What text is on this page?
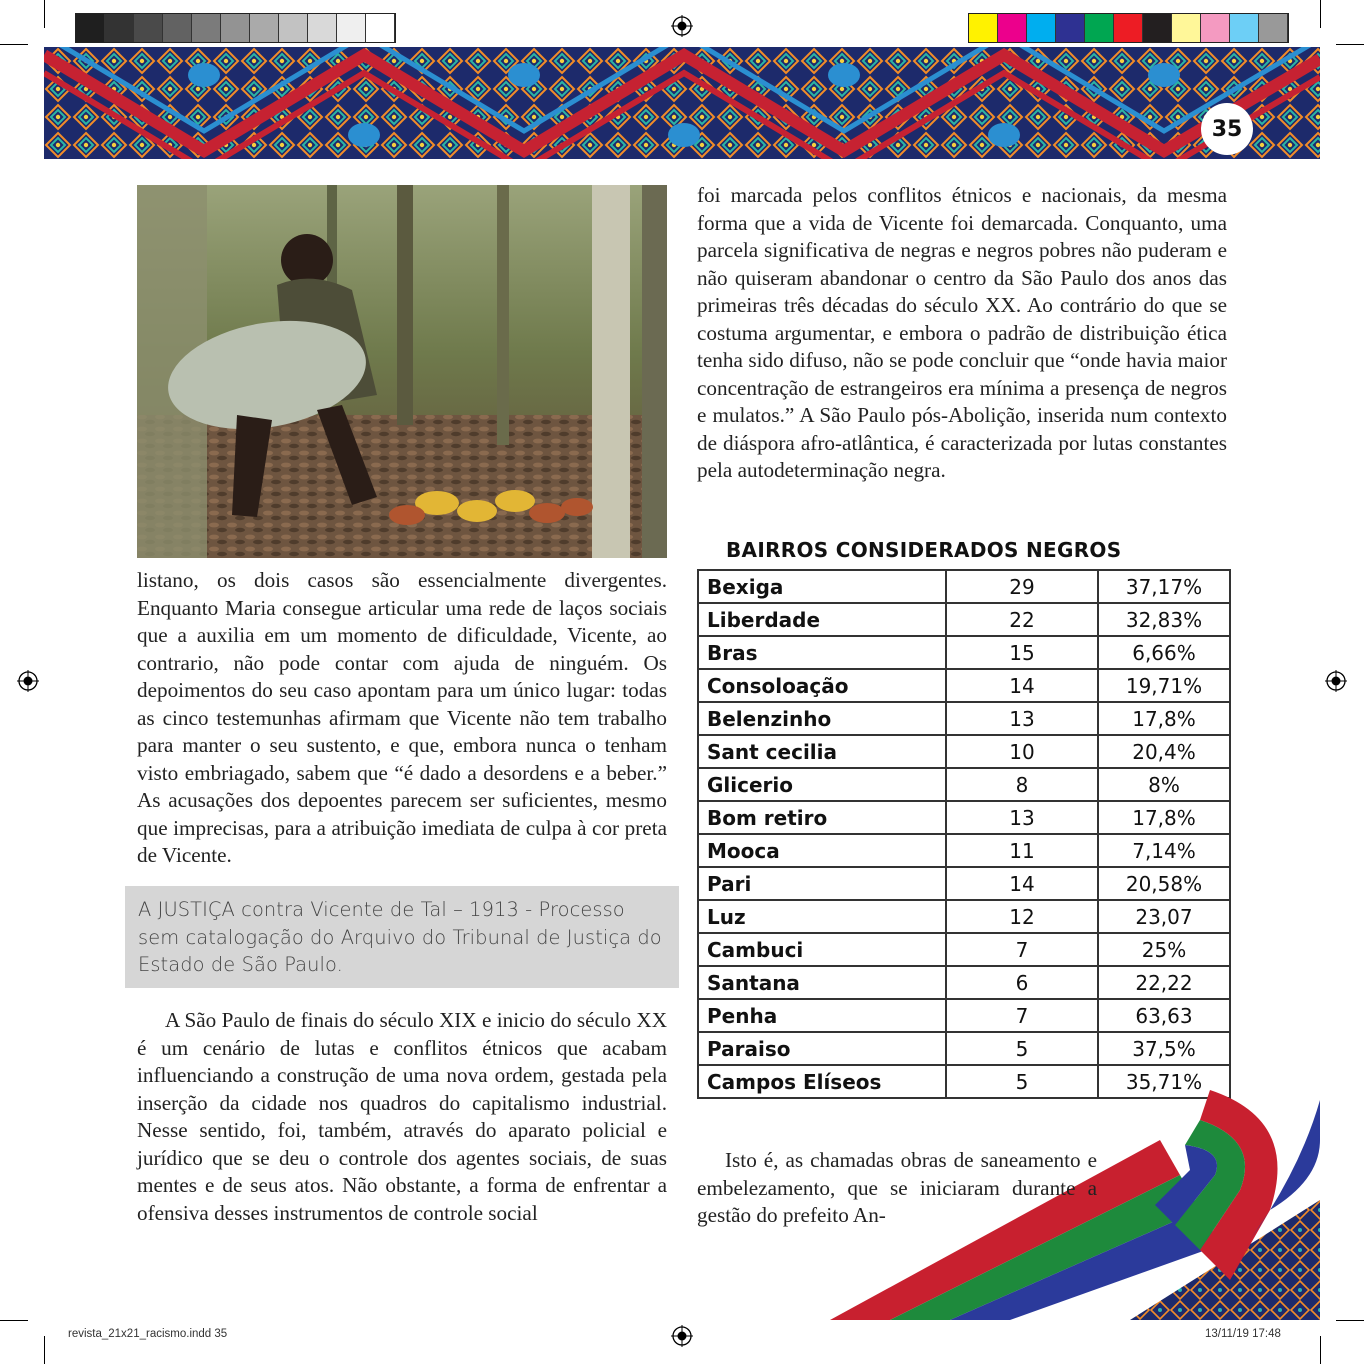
35

listano, os dois casos são essencialmente divergentes. Enquanto Maria consegue articular uma rede de laços sociais que a auxilia em um momento de dificuldade, Vicente, ao contrario, não pode contar com ajuda de ninguém. Os depoimentos do seu caso apontam para um único lugar: todas as cinco testemunhas afirmam que Vicente não tem trabalho para manter o seu sustento, e que, embora nunca o tenham visto embriagado, sabem que “é dado a desordens e a beber.” As acusações dos depoentes parecem ser suficientes, mesmo que imprecisas, para a atribuição imediata de culpa à cor preta de Vicente.

A JUSTIÇA contra Vicente de Tal – 1913 - Processo sem catalogação do Arquivo do Tribunal de Justiça do Estado de São Paulo.

A São Paulo de finais do século XIX e inicio do século XX é um cenário de lutas e conflitos étnicos que acabam influenciando a construção de uma nova ordem, gestada pela inserção da cidade nos quadros do capitalismo industrial. Nesse sentido, foi, também, através do aparato policial e jurídico que se deu o controle dos agentes sociais, de suas mentes e de seus atos. Não obstante, a forma de enfrentar a ofensiva desses instrumentos de controle social

foi marcada pelos conflitos étnicos e nacionais, da mesma forma que a vida de Vicente foi demarcada. Conquanto, uma parcela significativa de negras e negros pobres não puderam e não quiseram abandonar o centro da São Paulo dos anos das primeiras três décadas do século XX. Ao contrário do que se costuma argumentar, e embora o padrão de distribuição ética tenha sido difuso, não se pode concluir que “onde havia maior concentração de estrangeiros era mínima a presença de negros e mulatos.” A São Paulo pós-Abolição, inserida num contexto de diáspora afro-atlântica, é caracterizada por lutas constantes pela autodeterminação negra.

BAIRROS CONSIDERADOS NEGROS
Bexiga	29	37,17%
Liberdade	22	32,83%
Bras	15	6,66%
Consoloação	14	19,71%
Belenzinho	13	17,8%
Sant cecilia	10	20,4%
Glicerio	8	8%
Bom retiro	13	17,8%
Mooca	11	7,14%
Pari	14	20,58%
Luz	12	23,07
Cambuci	7	25%
Santana	6	22,22
Penha	7	63,63
Paraiso	5	37,5%
Campos Elíseos	5	35,71%

Isto é, as chamadas obras de saneamento e embelezamento, que se iniciaram durante a gestão do prefeito An-

revista_21x21_racismo.indd 35	13/11/19 17:48
